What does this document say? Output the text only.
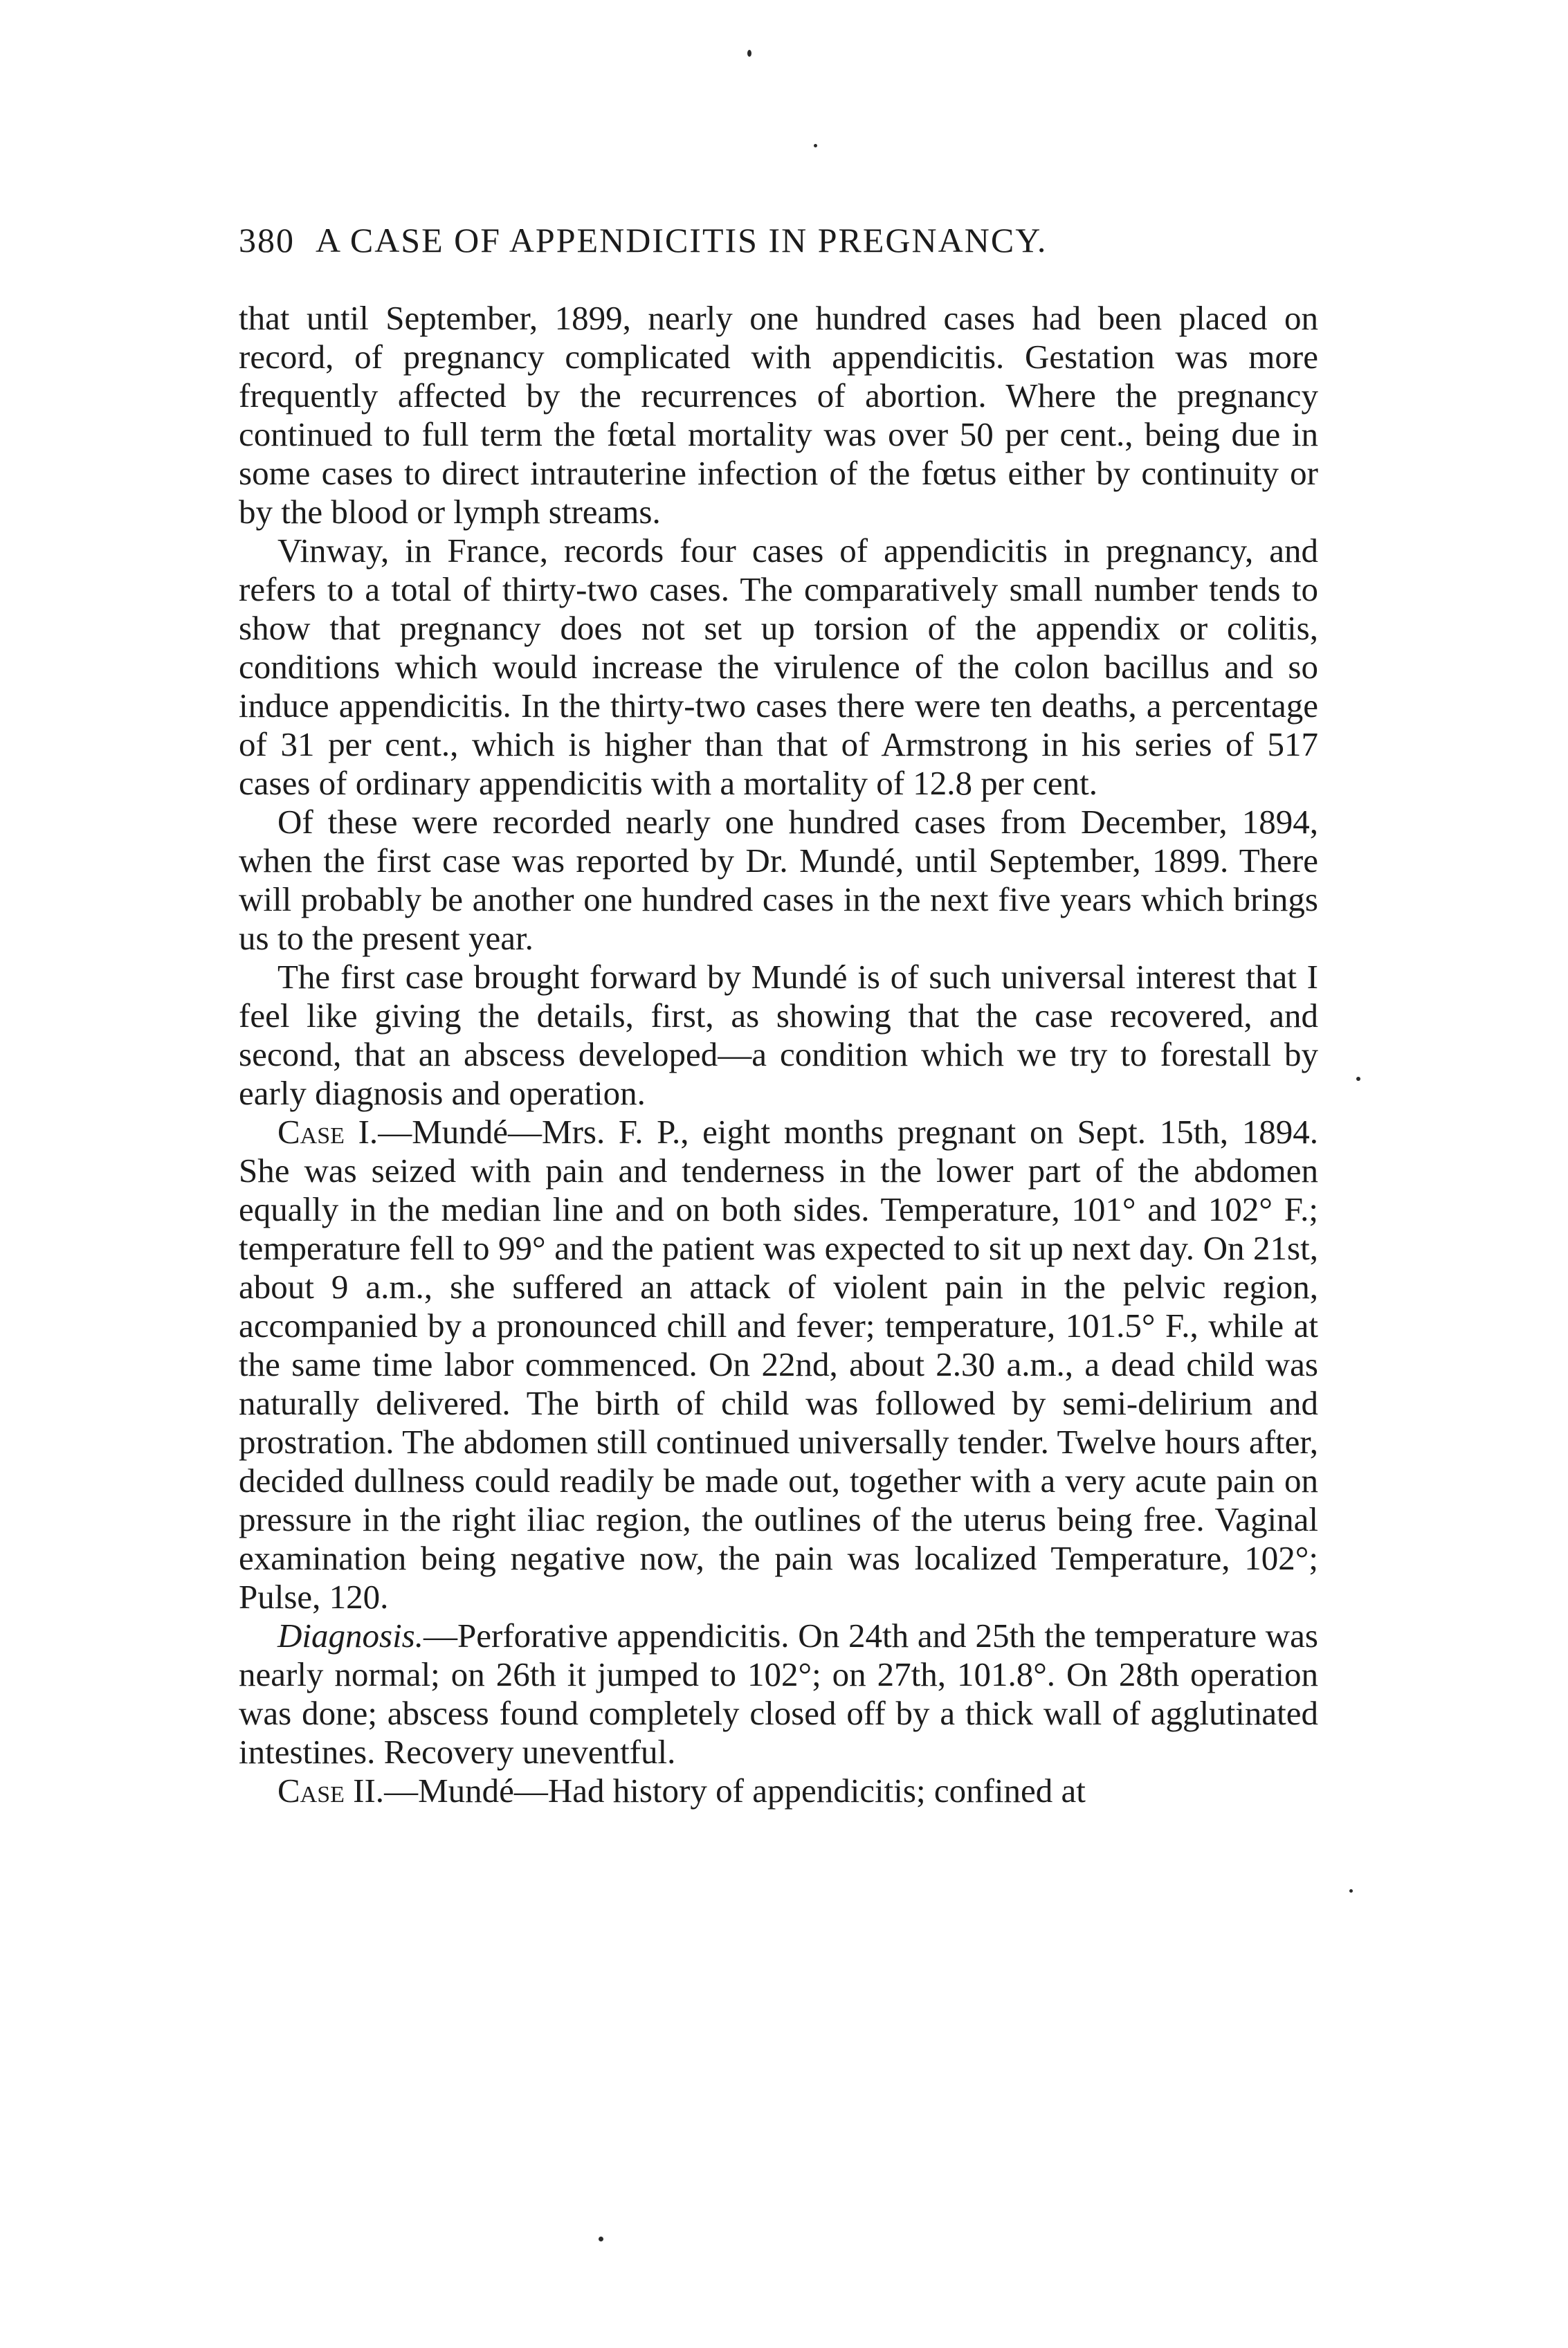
380 A CASE OF APPENDICITIS IN PREGNANCY.

that until September, 1899, nearly one hundred cases had been placed on record, of pregnancy complicated with appendicitis. Gestation was more frequently affected by the recurrences of abortion. Where the pregnancy continued to full term the fœtal mortality was over 50 per cent., being due in some cases to direct intrauterine infection of the fœtus either by continuity or by the blood or lymph streams.

Vinway, in France, records four cases of appendicitis in pregnancy, and refers to a total of thirty-two cases. The comparatively small number tends to show that pregnancy does not set up torsion of the appendix or colitis, conditions which would increase the virulence of the colon bacillus and so induce appendicitis. In the thirty-two cases there were ten deaths, a percentage of 31 per cent., which is higher than that of Armstrong in his series of 517 cases of ordinary appendicitis with a mortality of 12.8 per cent.

Of these were recorded nearly one hundred cases from December, 1894, when the first case was reported by Dr. Mundé, until September, 1899. There will probably be another one hundred cases in the next five years which brings us to the present year.

The first case brought forward by Mundé is of such universal interest that I feel like giving the details, first, as showing that the case recovered, and second, that an abscess developed—a condition which we try to forestall by early diagnosis and operation.

Case I.—Mundé—Mrs. F. P., eight months pregnant on Sept. 15th, 1894. She was seized with pain and tenderness in the lower part of the abdomen equally in the median line and on both sides. Temperature, 101° and 102° F.; temperature fell to 99° and the patient was expected to sit up next day. On 21st, about 9 a.m., she suffered an attack of violent pain in the pelvic region, accompanied by a pronounced chill and fever; temperature, 101.5° F., while at the same time labor commenced. On 22nd, about 2.30 a.m., a dead child was naturally delivered. The birth of child was followed by semi-delirium and prostration. The abdomen still continued universally tender. Twelve hours after, decided dullness could readily be made out, together with a very acute pain on pressure in the right iliac region, the outlines of the uterus being free. Vaginal examination being negative now, the pain was localized Temperature, 102°; Pulse, 120.

Diagnosis.—Perforative appendicitis. On 24th and 25th the temperature was nearly normal; on 26th it jumped to 102°; on 27th, 101.8°. On 28th operation was done; abscess found completely closed off by a thick wall of agglutinated intestines. Recovery uneventful.

Case II.—Mundé—Had history of appendicitis; confined at
